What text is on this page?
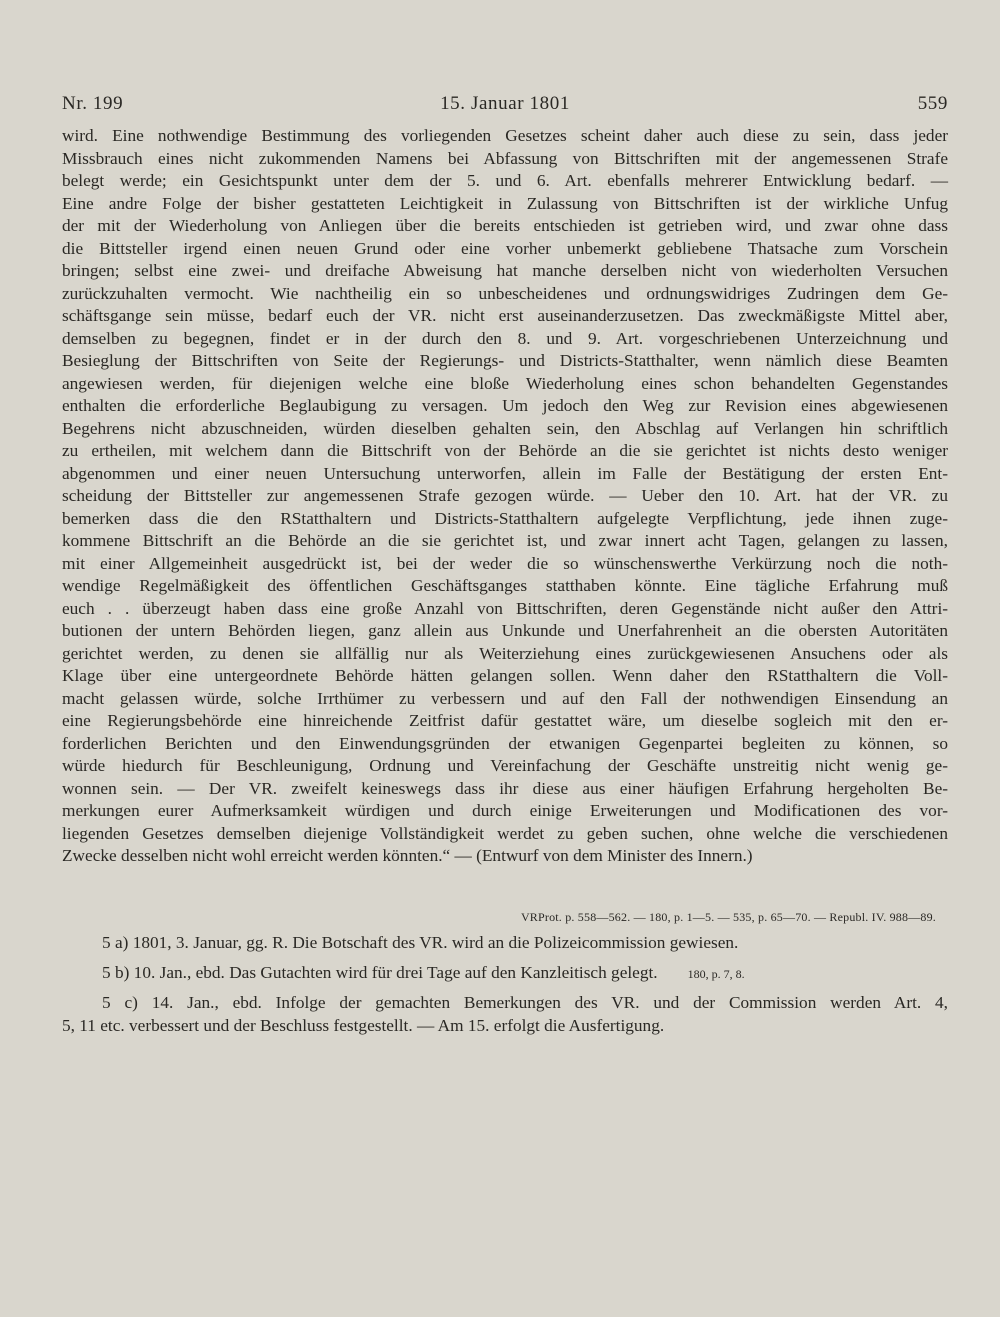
Nr. 199	15. Januar 1801	559
wird. Eine nothwendige Bestimmung des vorliegenden Gesetzes scheint daher auch diese zu sein, dass jeder
Missbrauch eines nicht zukommenden Namens bei Abfassung von Bittschriften mit der angemessenen Strafe
belegt werde; ein Gesichtspunkt unter dem der 5. und 6. Art. ebenfalls mehrerer Entwicklung bedarf. —
Eine andre Folge der bisher gestatteten Leichtigkeit in Zulassung von Bittschriften ist der wirkliche Unfug
der mit der Wiederholung von Anliegen über die bereits entschieden ist getrieben wird, und zwar ohne dass
die Bittsteller irgend einen neuen Grund oder eine vorher unbemerkt gebliebene Thatsache zum Vorschein
bringen; selbst eine zwei- und dreifache Abweisung hat manche derselben nicht von wiederholten Versuchen
zurückzuhalten vermocht. Wie nachtheilig ein so unbescheidenes und ordnungswidriges Zudringen dem Ge-
schäftsgange sein müsse, bedarf euch der VR. nicht erst auseinanderzusetzen. Das zweckmäßigste Mittel aber,
demselben zu begegnen, findet er in der durch den 8. und 9. Art. vorgeschriebenen Unterzeichnung und
Besieglung der Bittschriften von Seite der Regierungs- und Districts-Statthalter, wenn nämlich diese Beamten
angewiesen werden, für diejenigen welche eine bloße Wiederholung eines schon behandelten Gegenstandes
enthalten die erforderliche Beglaubigung zu versagen. Um jedoch den Weg zur Revision eines abgewiesenen
Begehrens nicht abzuschneiden, würden dieselben gehalten sein, den Abschlag auf Verlangen hin schriftlich
zu ertheilen, mit welchem dann die Bittschrift von der Behörde an die sie gerichtet ist nichts desto weniger
abgenommen und einer neuen Untersuchung unterworfen, allein im Falle der Bestätigung der ersten Ent-
scheidung der Bittsteller zur angemessenen Strafe gezogen würde. — Ueber den 10. Art. hat der VR. zu
bemerken dass die den RStatthaltern und Districts-Statthaltern aufgelegte Verpflichtung, jede ihnen zuge-
kommene Bittschrift an die Behörde an die sie gerichtet ist, und zwar innert acht Tagen, gelangen zu lassen,
mit einer Allgemeinheit ausgedrückt ist, bei der weder die so wünschenswerthe Verkürzung noch die noth-
wendige Regelmäßigkeit des öffentlichen Geschäftsganges statthaben könnte. Eine tägliche Erfahrung muß
euch . . überzeugt haben dass eine große Anzahl von Bittschriften, deren Gegenstände nicht außer den Attri-
butionen der untern Behörden liegen, ganz allein aus Unkunde und Unerfahrenheit an die obersten Autoritäten
gerichtet werden, zu denen sie allfällig nur als Weiterziehung eines zurückgewiesenen Ansuchens oder als
Klage über eine untergeordnete Behörde hätten gelangen sollen. Wenn daher den RStatthaltern die Voll-
macht gelassen würde, solche Irrthümer zu verbessern und auf den Fall der nothwendigen Einsendung an
eine Regierungsbehörde eine hinreichende Zeitfrist dafür gestattet wäre, um dieselbe sogleich mit den er-
forderlichen Berichten und den Einwendungsgründen der etwanigen Gegenpartei begleiten zu können, so
würde hiedurch für Beschleunigung, Ordnung und Vereinfachung der Geschäfte unstreitig nicht wenig ge-
wonnen sein. — Der VR. zweifelt keineswegs dass ihr diese aus einer häufigen Erfahrung hergeholten Be-
merkungen eurer Aufmerksamkeit würdigen und durch einige Erweiterungen und Modificationen des vor-
liegenden Gesetzes demselben diejenige Vollständigkeit werdet zu geben suchen, ohne welche die verschiedenen
Zwecke desselben nicht wohl erreicht werden könnten.“ — (Entwurf von dem Minister des Innern.)
VRProt. p. 558—562. — 180, p. 1—5. — 535, p. 65—70. — Republ. IV. 988—89.
5 a) 1801, 3. Januar, gg. R. Die Botschaft des VR. wird an die Polizeicommission gewiesen.
5 b) 10. Jan., ebd. Das Gutachten wird für drei Tage auf den Kanzleitisch gelegt.	180, p. 7, 8.
5 c) 14. Jan., ebd. Infolge der gemachten Bemerkungen des VR. und der Commission werden Art. 4,
5, 11 etc. verbessert und der Beschluss festgestellt. — Am 15. erfolgt die Ausfertigung.
